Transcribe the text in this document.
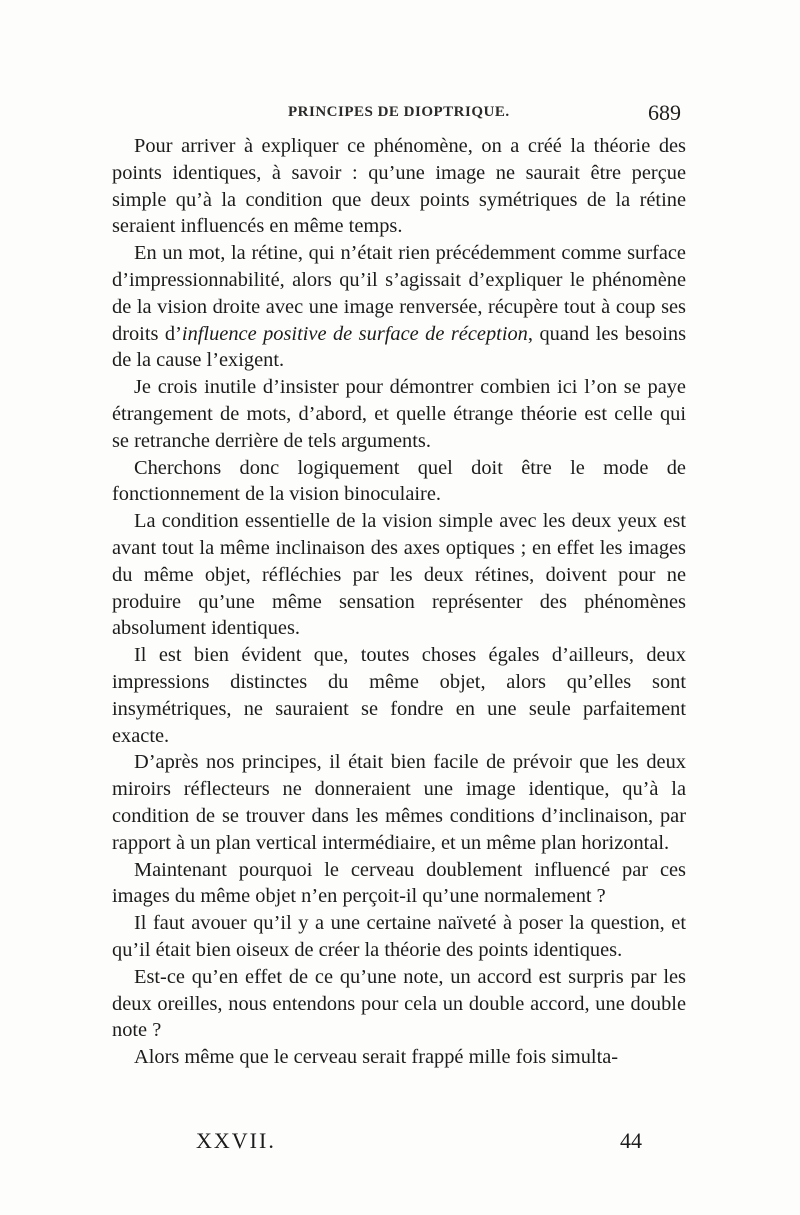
PRINCIPES DE DIOPTRIQUE.	689

Pour arriver à expliquer ce phénomène, on a créé la théorie des points identiques, à savoir : qu’une image ne saurait être perçue simple qu’à la condition que deux points symétriques de la rétine seraient influencés en même temps.

En un mot, la rétine, qui n’était rien précédemment comme surface d’impressionnabilité, alors qu’il s’agissait d’expliquer le phénomène de la vision droite avec une image renversée, récupère tout à coup ses droits d’influence positive de surface de réception, quand les besoins de la cause l’exigent.

Je crois inutile d’insister pour démontrer combien ici l’on se paye étrangement de mots, d’abord, et quelle étrange théorie est celle qui se retranche derrière de tels arguments.

Cherchons donc logiquement quel doit être le mode de fonctionnement de la vision binoculaire.

La condition essentielle de la vision simple avec les deux yeux est avant tout la même inclinaison des axes optiques ; en effet les images du même objet, réfléchies par les deux rétines, doivent pour ne produire qu’une même sensation représenter des phénomènes absolument identiques.

Il est bien évident que, toutes choses égales d’ailleurs, deux impressions distinctes du même objet, alors qu’elles sont insymétriques, ne sauraient se fondre en une seule parfaitement exacte.

D’après nos principes, il était bien facile de prévoir que les deux miroirs réflecteurs ne donneraient une image identique, qu’à la condition de se trouver dans les mêmes conditions d’inclinaison, par rapport à un plan vertical intermédiaire, et un même plan horizontal.

Maintenant pourquoi le cerveau doublement influencé par ces images du même objet n’en perçoit-il qu’une normalement ?

Il faut avouer qu’il y a une certaine naïveté à poser la question, et qu’il était bien oiseux de créer la théorie des points identiques.

Est-ce qu’en effet de ce qu’une note, un accord est surpris par les deux oreilles, nous entendons pour cela un double accord, une double note ?

Alors même que le cerveau serait frappé mille fois simulta-

XXVII.	44
